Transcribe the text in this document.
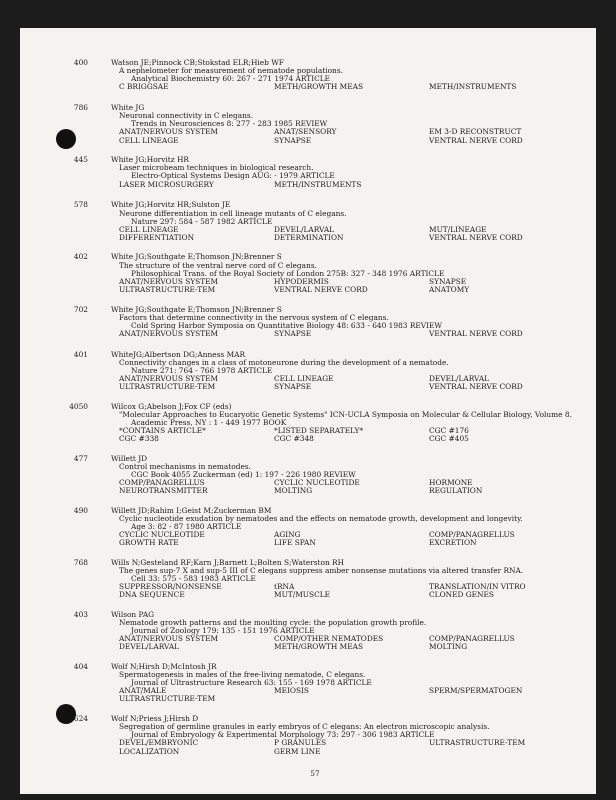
400	Watson JE;Pinnock CB;Stokstad ELR;Hieb WF
A nephelometer for measurement of nematode populations.
Analytical Biochemistry 60: 267 - 271 1974 ARTICLE
C BRIGGSAE	METH/GROWTH MEAS	METH/INSTRUMENTS
786	White JG
Neuronal connectivity in C elegans.
Trends in Neurosciences 8: 277 - 283 1985 REVIEW
ANAT/NERVOUS SYSTEM	ANAT/SENSORY	EM 3-D RECONSTRUCT
CELL LINEAGE	SYNAPSE	VENTRAL NERVE CORD
445	White JG;Horvitz HR
Laser microbeam techniques in biological research.
Electro-Optical Systems Design AUG: - 1979 ARTICLE
LASER MICROSURGERY	METH/INSTRUMENTS
578	White JG;Horvitz HR;Sulston JE
Neurone differentiation in cell lineage mutants of C elegans.
Nature 297: 584 - 587 1982 ARTICLE
CELL LINEAGE	DEVEL/LARVAL	MUT/LINEAGE
DIFFERENTIATION	DETERMINATION	VENTRAL NERVE CORD
402	White JG;Southgate E;Thomson JN;Brenner S
The structure of the ventral nerve cord of C elegans.
Philosophical Trans. of the Royal Society of London 275B: 327 - 348 1976 ARTICLE
ANAT/NERVOUS SYSTEM	HYPODERMIS	SYNAPSE
ULTRASTRUCTURE-TEM	VENTRAL NERVE CORD	ANATOMY
702	White JG;Southgate E;Thomson JN;Brenner S
Factors that determine connectivity in the nervous system of C elegans.
Cold Spring Harbor Symposia on Quantitative Biology 48: 633 - 640 1983 REVIEW
ANAT/NERVOUS SYSTEM	SYNAPSE	VENTRAL NERVE CORD
401	WhiteJG;Albertson DG;Anness MAR
Connectivity changes in a class of motoneurone during the development of a nematode.
Nature 271: 764 - 766 1978 ARTICLE
ANAT/NERVOUS SYSTEM	CELL LINEAGE	DEVEL/LARVAL
ULTRASTRUCTURE-TEM	SYNAPSE	VENTRAL NERVE CORD
4050	Wilcox G;Abelson J;Fox CF (eds)
"Molecular Approaches to Eucaryotic Genetic Systems" ICN-UCLA Symposia on Molecular & Cellular Biology, Volume 8.
Academic Press, NY : 1 - 449 1977 BOOK
*CONTAINS ARTICLE*	*LISTED SEPARATELY*	CGC #176
CGC #338	CGC #348	CGC #405
477	Willett JD
Control mechanisms in nematodes.
CGC Book 4055 Zuckerman (ed) 1: 197 - 226 1980 REVIEW
COMP/PANAGRELLUS	CYCLIC NUCLEOTIDE	HORMONE
NEUROTRANSMITTER	MOLTING	REGULATION
490	Willett JD;Rahim I;Geist M;Zuckerman BM
Cyclic nucleotide exudation by nematodes and the effects on nematode growth, development and longevity.
Age 3: 82 - 87 1980 ARTICLE
CYCLIC NUCLEOTIDE	AGING	COMP/PANAGRELLUS
GROWTH RATE	LIFE SPAN	EXCRETION
768	Wills N;Gesteland RF;Karn J;Barnett L;Bolten S;Waterston RH
The genes sup-7 X and sup-5 III of C elegans suppress amber nonsense mutations via altered transfer RNA.
Cell 33: 575 - 583 1983 ARTICLE
SUPPRESSOR/NONSENSE	tRNA	TRANSLATION/IN VITRO
DNA SEQUENCE	MUT/MUSCLE	CLONED GENES
403	Wilson PAG
Nematode growth patterns and the moulting cycle: the population growth profile.
Journal of Zoology 179: 135 - 151 1976 ARTICLE
ANAT/NERVOUS SYSTEM	COMP/OTHER NEMATODES	COMP/PANAGRELLUS
DEVEL/LARVAL	METH/GROWTH MEAS	MOLTING
404	Wolf N;Hirsh D;McIntosh JR
Spermatogenesis in males of the free-living nematode, C elegans.
Journal of Ultrastructure Research 63: 155 - 169 1978 ARTICLE
ANAT/MALE	MEIOSIS	SPERM/SPERMATOGEN
ULTRASTRUCTURE-TEM
624	Wolf N;Priess J;Hirsh D
Segregation of germline granules in early embryos of C elegans: An electron microscopic analysis.
Journal of Embryology & Experimental Morphology 73: 297 - 306 1983 ARTICLE
DEVEL/EMBRYONIC	P GRANULES	ULTRASTRUCTURE-TEM
LOCALIZATION	GERM LINE
57
